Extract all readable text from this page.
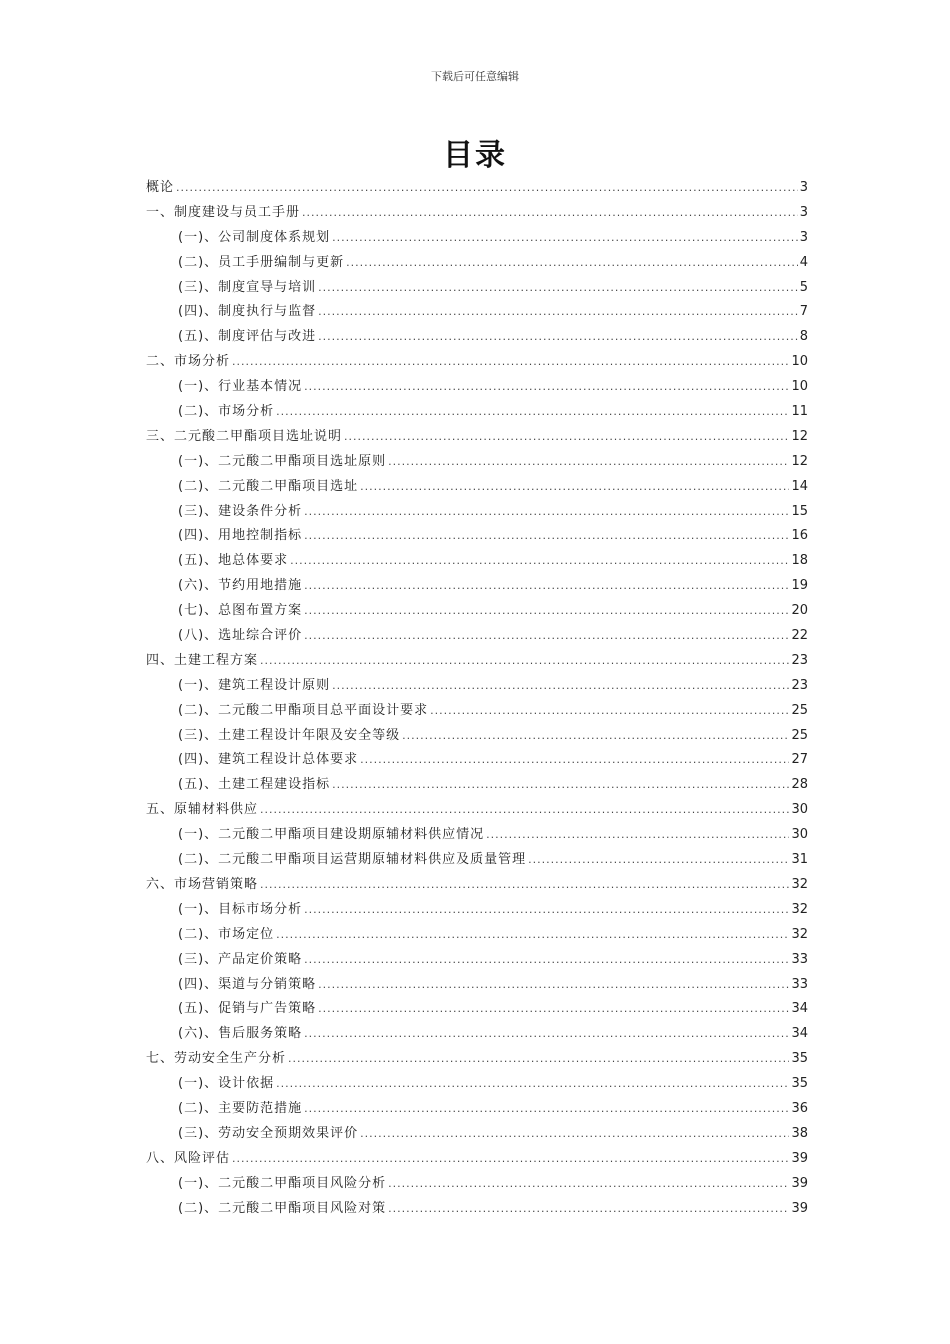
下载后可任意编辑
目录
概论 .....	3
一、制度建设与员工手册 .....	3
(一)、公司制度体系规划 .....	3
(二)、员工手册编制与更新 .....	4
(三)、制度宣导与培训 .....	5
(四)、制度执行与监督 .....	7
(五)、制度评估与改进 .....	8
二、市场分析 .....	10
(一)、行业基本情况 .....	10
(二)、市场分析 .....	11
三、二元酸二甲酯项目选址说明 .....	12
(一)、二元酸二甲酯项目选址原则 .....	12
(二)、二元酸二甲酯项目选址 .....	14
(三)、建设条件分析 .....	15
(四)、用地控制指标 .....	16
(五)、地总体要求 .....	18
(六)、节约用地措施 .....	19
(七)、总图布置方案 .....	20
(八)、选址综合评价 .....	22
四、土建工程方案 .....	23
(一)、建筑工程设计原则 .....	23
(二)、二元酸二甲酯项目总平面设计要求 .....	25
(三)、土建工程设计年限及安全等级 .....	25
(四)、建筑工程设计总体要求 .....	27
(五)、土建工程建设指标 .....	28
五、原辅材料供应 .....	30
(一)、二元酸二甲酯项目建设期原辅材料供应情况 .....	30
(二)、二元酸二甲酯项目运营期原辅材料供应及质量管理 .....	31
六、市场营销策略 .....	32
(一)、目标市场分析 .....	32
(二)、市场定位 .....	32
(三)、产品定价策略 .....	33
(四)、渠道与分销策略 .....	33
(五)、促销与广告策略 .....	34
(六)、售后服务策略 .....	34
七、劳动安全生产分析 .....	35
(一)、设计依据 .....	35
(二)、主要防范措施 .....	36
(三)、劳动安全预期效果评价 .....	38
八、风险评估 .....	39
(一)、二元酸二甲酯项目风险分析 .....	39
(二)、二元酸二甲酯项目风险对策 .....	39
